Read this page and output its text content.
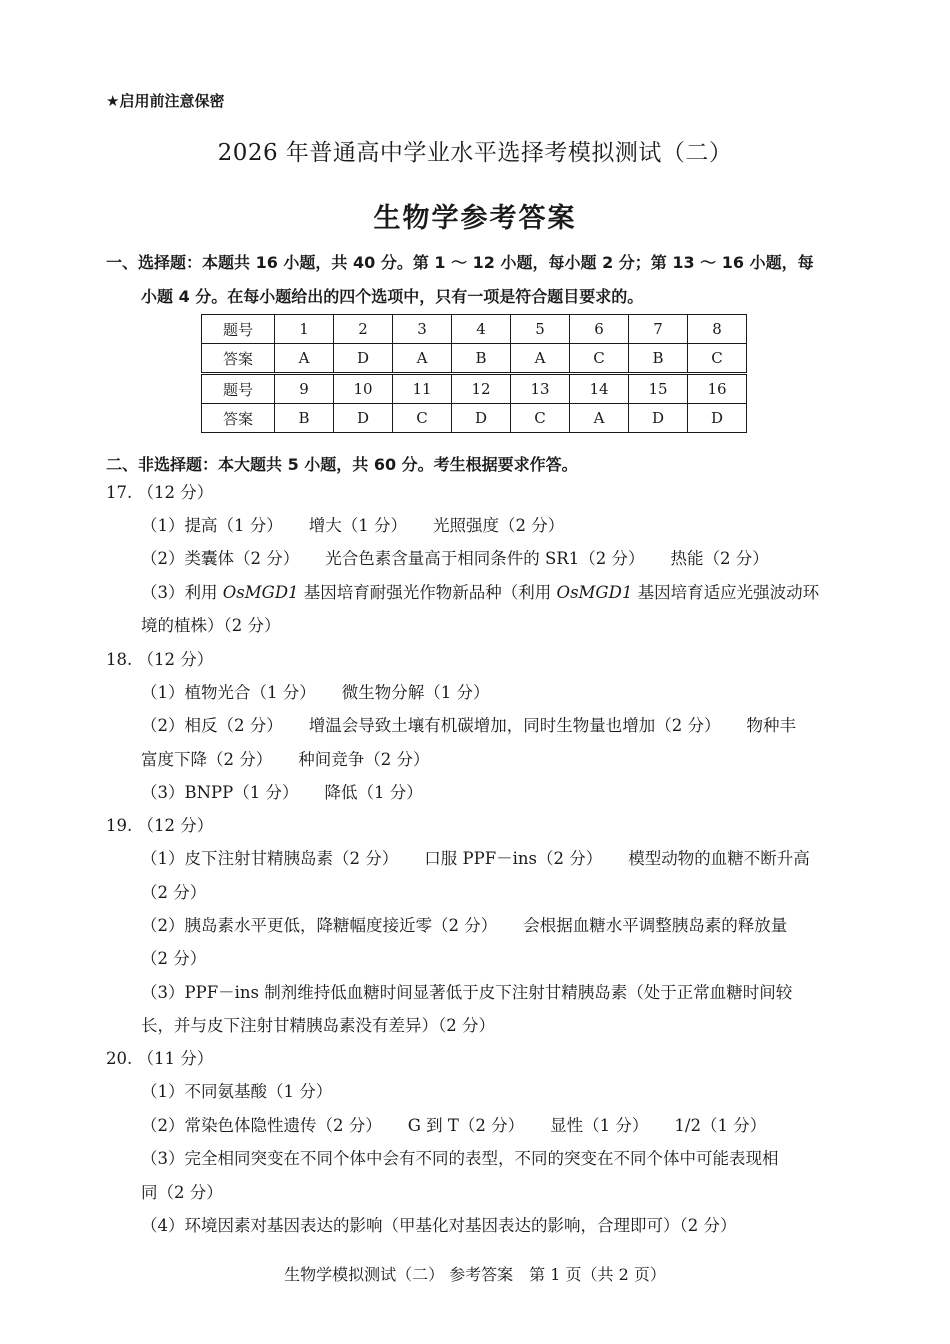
★启用前注意保密
2026 年普通高中学业水平选择考模拟测试（二）
生物学参考答案
一、选择题：本题共 16 小题，共 40 分。第 1 ～ 12 小题，每小题 2 分；第 13 ～ 16 小题，每
小题 4 分。在每小题给出的四个选项中，只有一项是符合题目要求的。
题号	1	2	3	4	5	6	7	8
答案	A	D	A	B	A	C	B	C
题号	9	10	11	12	13	14	15	16
答案	B	D	C	D	C	A	D	D
二、非选择题：本大题共 5 小题，共 60 分。考生根据要求作答。
17. （12 分）
（1）提高（1 分） 增大（1 分） 光照强度（2 分）
（2）类囊体（2 分） 光合色素含量高于相同条件的 SR1（2 分） 热能（2 分）
（3）利用 OsMGD1 基因培育耐强光作物新品种（利用 OsMGD1 基因培育适应光强波动环
境的植株）（2 分）
18. （12 分）
（1）植物光合（1 分） 微生物分解（1 分）
（2）相反（2 分） 增温会导致土壤有机碳增加，同时生物量也增加（2 分） 物种丰
富度下降（2 分） 种间竞争（2 分）
（3）BNPP（1 分） 降低（1 分）
19. （12 分）
（1）皮下注射甘精胰岛素（2 分） 口服 PPF－ins（2 分） 模型动物的血糖不断升高
（2 分）
（2）胰岛素水平更低，降糖幅度接近零（2 分） 会根据血糖水平调整胰岛素的释放量
（2 分）
（3）PPF－ins 制剂维持低血糖时间显著低于皮下注射甘精胰岛素（处于正常血糖时间较
长，并与皮下注射甘精胰岛素没有差异）（2 分）
20. （11 分）
（1）不同氨基酸（1 分）
（2）常染色体隐性遗传（2 分） G 到 T（2 分） 显性（1 分） 1/2（1 分）
（3）完全相同突变在不同个体中会有不同的表型，不同的突变在不同个体中可能表现相
同（2 分）
（4）环境因素对基因表达的影响（甲基化对基因表达的影响，合理即可）（2 分）
生物学模拟测试（二） 参考答案　第 1 页（共 2 页）
